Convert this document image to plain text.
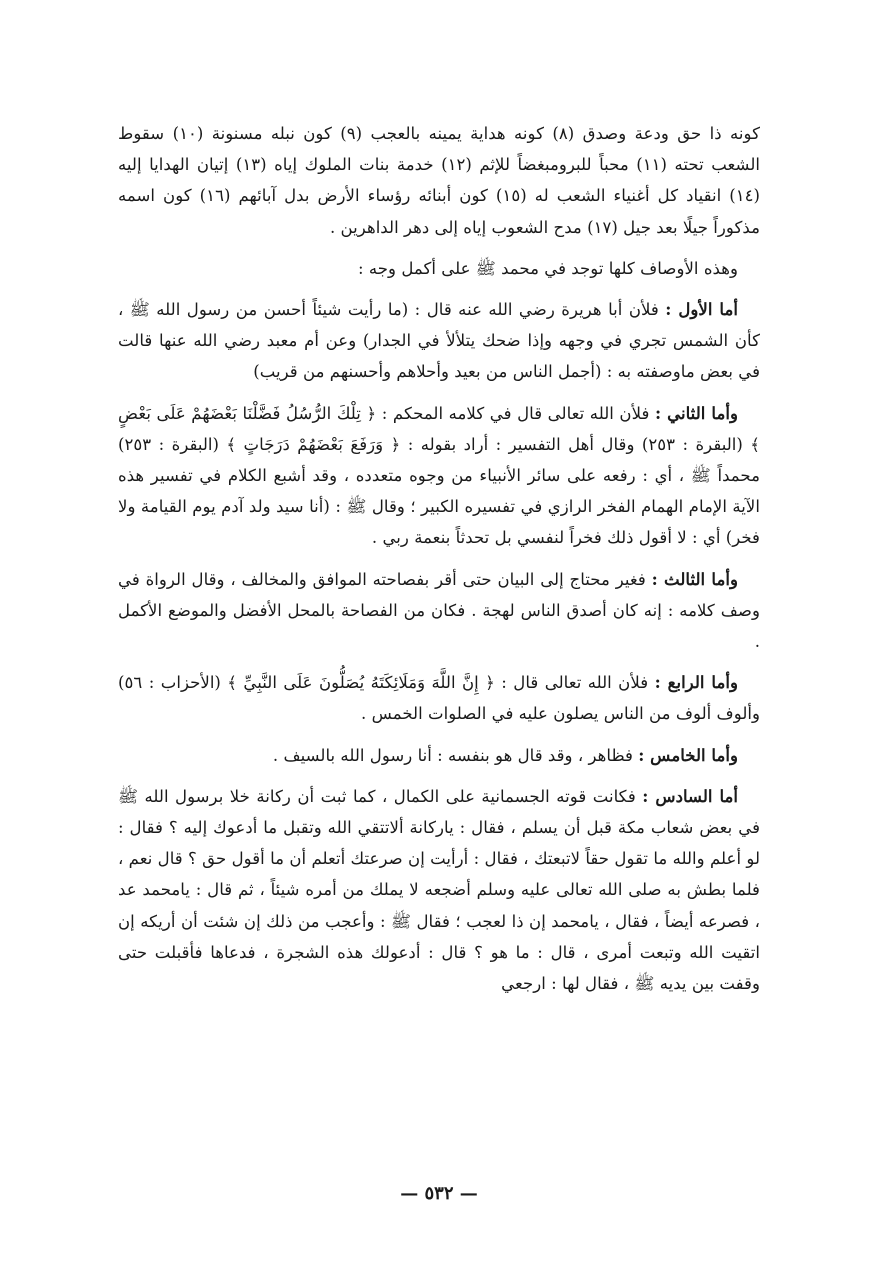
كونه ذا حق ودعة وصدق (٨) كونه هداية يمينه بالعجب (٩) كون نبله مسنونة (١٠) سقوط الشعب تحته (١١) محباً للبرومبغضاً للإثم (١٢) خدمة بنات الملوك إياه (١٣) إتيان الهدايا إليه (١٤) انقياد كل أغنياء الشعب له (١٥) كون أبنائه رؤساء الأرض بدل آبائهم (١٦) كون اسمه مذكوراً جيلًا بعد جيل (١٧) مدح الشعوب إياه إلى دهر الداهرين .

وهذه الأوصاف كلها توجد في محمد ﷺ على أكمل وجه :

أما الأول : فلأن أبا هريرة رضي الله عنه قال : (ما رأيت شيئاً أحسن من رسول الله ﷺ ، كأن الشمس تجري في وجهه وإذا ضحك يتلألأ في الجدار) وعن أم معبد رضي الله عنها قالت في بعض ماوصفته به : (أجمل الناس من بعيد وأحلاهم وأحسنهم من قريب)

وأما الثاني : فلأن الله تعالى قال في كلامه المحكم : ﴿ تِلْكَ الرُّسُلُ فَضَّلْنَا بَعْضَهُمْ عَلَى بَعْضٍ ﴾ (البقرة : ٢٥٣) وقال أهل التفسير : أراد بقوله : ﴿ وَرَفَعَ بَعْضَهُمْ دَرَجَاتٍ ﴾ (البقرة : ٢٥٣) محمداً ﷺ ، أي : رفعه على سائر الأنبياء من وجوه متعدده ، وقد أشبع الكلام في تفسير هذه الآية الإمام الهمام الفخر الرازي في تفسيره الكبير ؛ وقال ﷺ : (أنا سيد ولد آدم يوم القيامة ولا فخر) أي : لا أقول ذلك فخراً لنفسي بل تحدثاً بنعمة ربي .

وأما الثالث : فغير محتاج إلى البيان حتى أقر بفصاحته الموافق والمخالف ، وقال الرواة في وصف كلامه : إنه كان أصدق الناس لهجة . فكان من الفصاحة بالمحل الأفضل والموضع الأكمل .

وأما الرابع : فلأن الله تعالى قال : ﴿ إِنَّ اللَّهَ وَمَلَائِكَتَهُ يُصَلُّونَ عَلَى النَّبِيِّ ﴾ (الأحزاب : ٥٦) وألوف ألوف من الناس يصلون عليه في الصلوات الخمس .

وأما الخامس : فظاهر ، وقد قال هو بنفسه : أنا رسول الله بالسيف .

أما السادس : فكانت قوته الجسمانية على الكمال ، كما ثبت أن ركانة خلا برسول الله ﷺ في بعض شعاب مكة قبل أن يسلم ، فقال : ياركانة ألاتتقي الله وتقبل ما أدعوك إليه ؟ فقال : لو أعلم والله ما تقول حقاً لاتبعتك ، فقال : أرأيت إن صرعتك أتعلم أن ما أقول حق ؟ قال نعم ، فلما بطش به صلى الله تعالى عليه وسلم أضجعه لا يملك من أمره شيئاً ، ثم قال : يامحمد عد ، فصرعه أيضاً ، فقال ، يامحمد إن ذا لعجب ؛ فقال ﷺ : وأعجب من ذلك إن شئت أن أريكه إن اتقيت الله وتبعت أمرى ، قال : ما هو ؟ قال : أدعولك هذه الشجرة ، فدعاها فأقبلت حتى وقفت بين يديه ﷺ ، فقال لها : ارجعي

— ٥٣٢ —
